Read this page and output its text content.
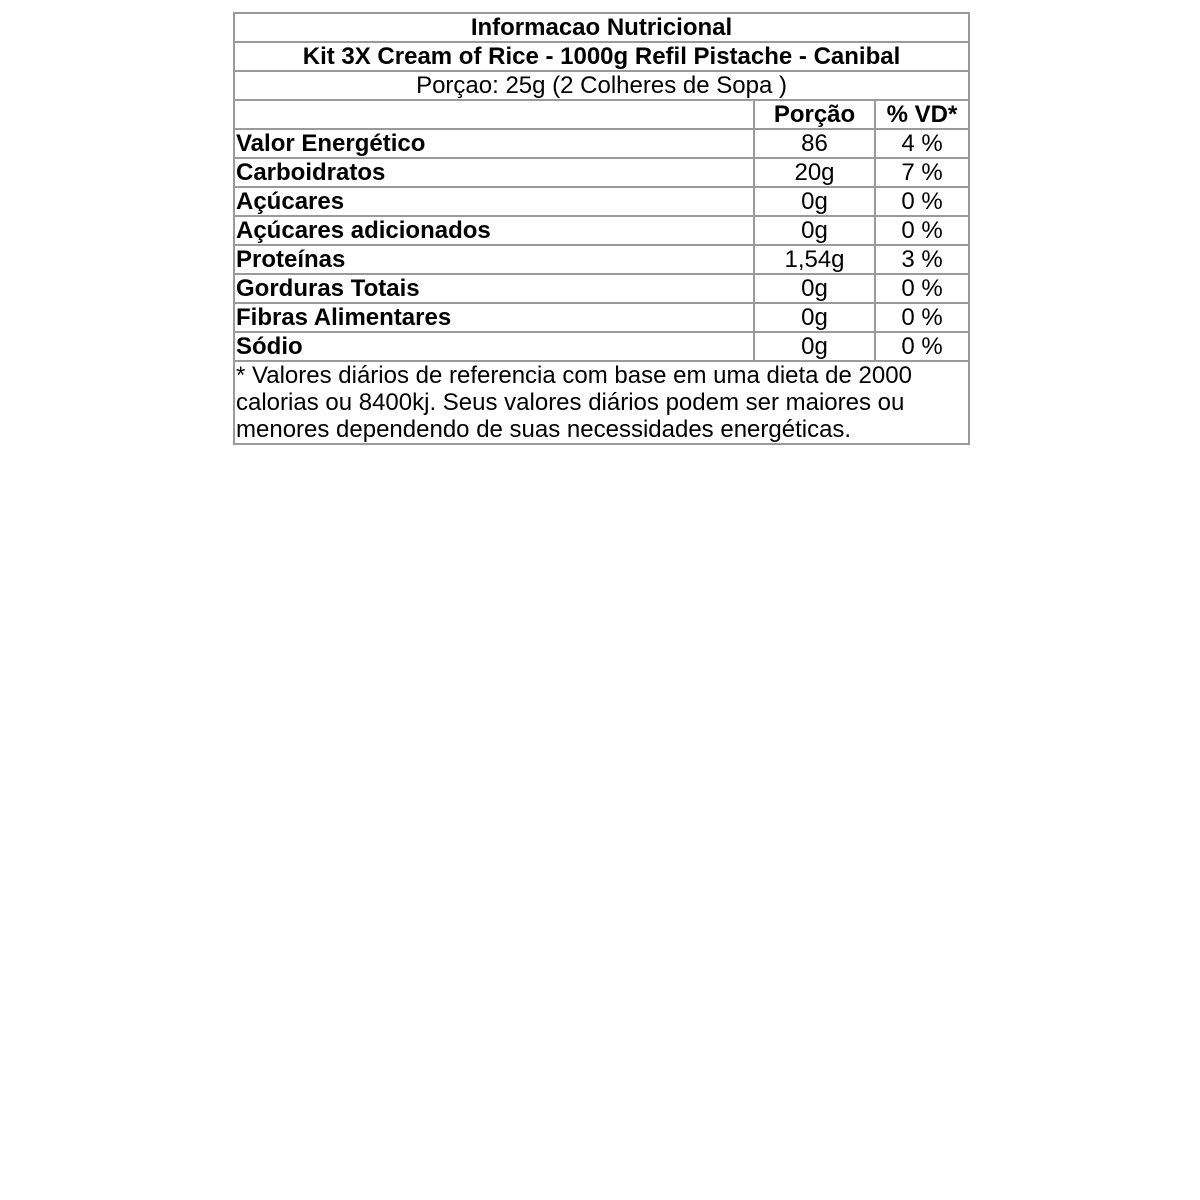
Informacao Nutricional		
Kit 3X Cream of Rice - 1000g Refil Pistache - Canibal		
Porçao: 25g (2 Colheres de Sopa )		
	Porção	% VD*
Valor Energético	86	4 %
Carboidratos	20g	7 %
Açúcares	0g	0 %
Açúcares adicionados	0g	0 %
Proteínas	1,54g	3 %
Gorduras Totais	0g	0 %
Fibras Alimentares	0g	0 %
Sódio	0g	0 %
* Valores diários de referencia com base em uma dieta de 2000 calorias ou 8400kj. Seus valores diários podem ser maiores ou menores dependendo de suas necessidades energéticas.		
